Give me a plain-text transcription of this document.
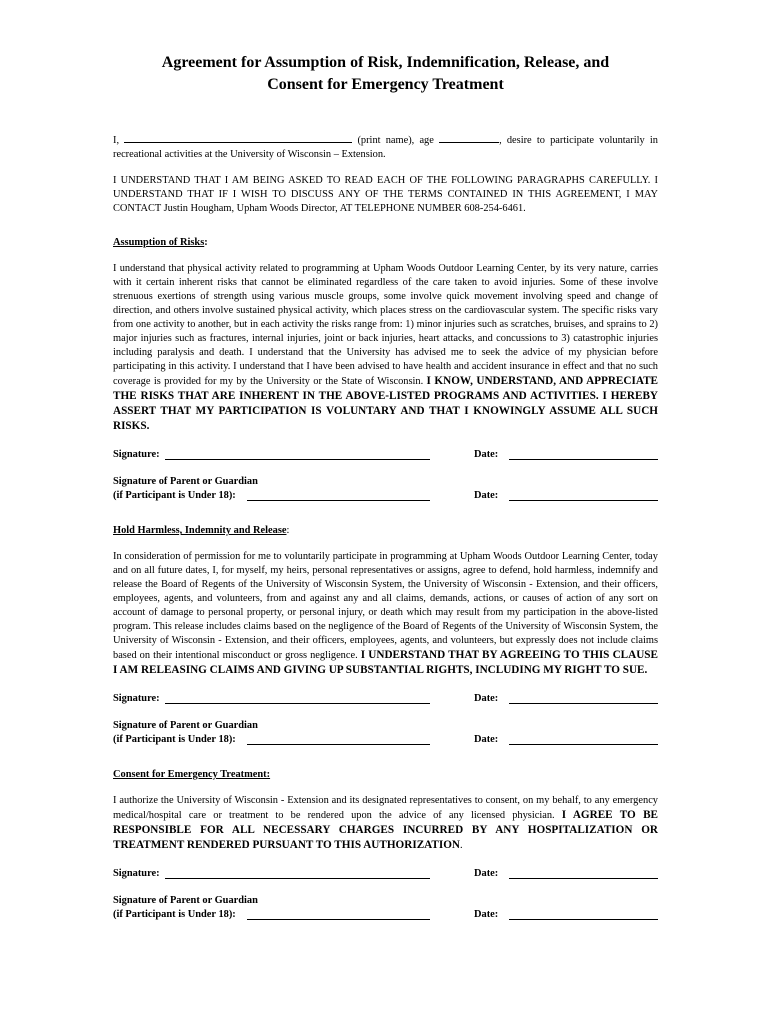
Agreement for Assumption of Risk, Indemnification, Release, and
Consent for Emergency Treatment

I,	(print name), age	, desire to participate voluntarily in recreational activities at the University of Wisconsin – Extension.

I UNDERSTAND THAT I AM BEING ASKED TO READ EACH OF THE FOLLOWING PARAGRAPHS CAREFULLY. I UNDERSTAND THAT IF I WISH TO DISCUSS ANY OF THE TERMS CONTAINED IN THIS AGREEMENT, I MAY CONTACT Justin Hougham, Upham Woods Director, AT TELEPHONE NUMBER 608-254-6461.

Assumption of Risks:

I understand that physical activity related to programming at Upham Woods Outdoor Learning Center, by its very nature, carries with it certain inherent risks that cannot be eliminated regardless of the care taken to avoid injuries. Some of these involve strenuous exertions of strength using various muscle groups, some involve quick movement involving speed and change of direction, and others involve sustained physical activity, which places stress on the cardiovascular system. The specific risks vary from one activity to another, but in each activity the risks range from: 1) minor injuries such as scratches, bruises, and sprains to 2) major injuries such as fractures, internal injuries, joint or back injuries, heart attacks, and concussions to 3) catastrophic injuries including paralysis and death. I understand that the University has advised me to seek the advice of my physician before participating in this activity. I understand that I have been advised to have health and accident insurance in effect and that no such coverage is provided for my by the University or the State of Wisconsin. I KNOW, UNDERSTAND, AND APPRECIATE THE RISKS THAT ARE INHERENT IN THE ABOVE-LISTED PROGRAMS AND ACTIVITIES. I HEREBY ASSERT THAT MY PARTICIPATION IS VOLUNTARY AND THAT I KNOWINGLY ASSUME ALL SUCH RISKS.

Signature:	Date:
Signature of Parent or Guardian
(if Participant is Under 18):	Date:

Hold Harmless, Indemnity and Release:

In consideration of permission for me to voluntarily participate in programming at Upham Woods Outdoor Learning Center, today and on all future dates, I, for myself, my heirs, personal representatives or assigns, agree to defend, hold harmless, indemnify and release the Board of Regents of the University of Wisconsin System, the University of Wisconsin - Extension, and their officers, employees, agents, and volunteers, from and against any and all claims, demands, actions, or causes of action of any sort on account of damage to personal property, or personal injury, or death which may result from my participation in the above-listed program. This release includes claims based on the negligence of the Board of Regents of the University of Wisconsin System, the University of Wisconsin - Extension, and their officers, employees, agents, and volunteers, but expressly does not include claims based on their intentional misconduct or gross negligence. I UNDERSTAND THAT BY AGREEING TO THIS CLAUSE I AM RELEASING CLAIMS AND GIVING UP SUBSTANTIAL RIGHTS, INCLUDING MY RIGHT TO SUE.

Signature:	Date:
Signature of Parent or Guardian
(if Participant is Under 18):	Date:

Consent for Emergency Treatment:

I authorize the University of Wisconsin - Extension and its designated representatives to consent, on my behalf, to any emergency medical/hospital care or treatment to be rendered upon the advice of any licensed physician. I AGREE TO BE RESPONSIBLE FOR ALL NECESSARY CHARGES INCURRED BY ANY HOSPITALIZATION OR TREATMENT RENDERED PURSUANT TO THIS AUTHORIZATION.

Signature:	Date:
Signature of Parent or Guardian
(if Participant is Under 18):	Date:
